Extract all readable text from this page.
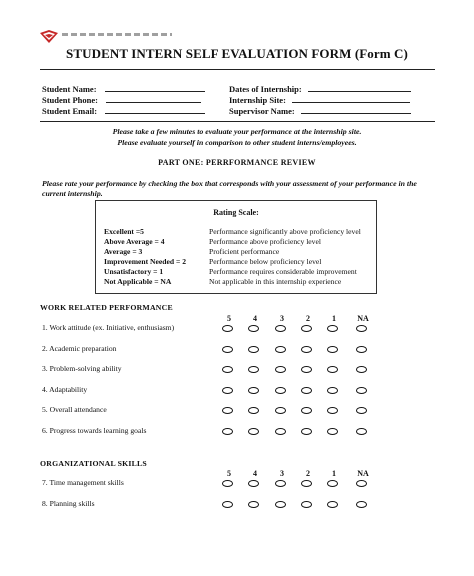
STUDENT INTERN SELF EVALUATION FORM (Form C)
Student Name:
Student Phone:
Student Email:
Dates of Internship:
Internship Site:
Supervisor Name:
Please take a few minutes to evaluate your performance at the internship site.
Please evaluate yourself in comparison to other student interns/employees.
PART ONE: PERRFORMANCE REVIEW
Please rate your performance by checking the box that corresponds with your assessment of your performance in the
current internship.
Rating Scale:
Excellent =5	Performance significantly above proficiency level
Above Average = 4	Performance above proficiency level
Average = 3	Proficient performance
Improvement Needed = 2	Performance below proficiency level
Unsatisfactory = 1	Performance requires considerable improvement
Not Applicable = NA	Not applicable in this internship experience
WORK RELATED PERFORMANCE
5	4	3	2	1	NA
1. Work attitude (ex. Initiative, enthusiasm)
2. Academic preparation
3. Problem-solving ability
4. Adaptability
5. Overall attendance
6. Progress towards learning goals
ORGANIZATIONAL SKILLS
5	4	3	2	1	NA
7. Time management skills
8. Planning skills
